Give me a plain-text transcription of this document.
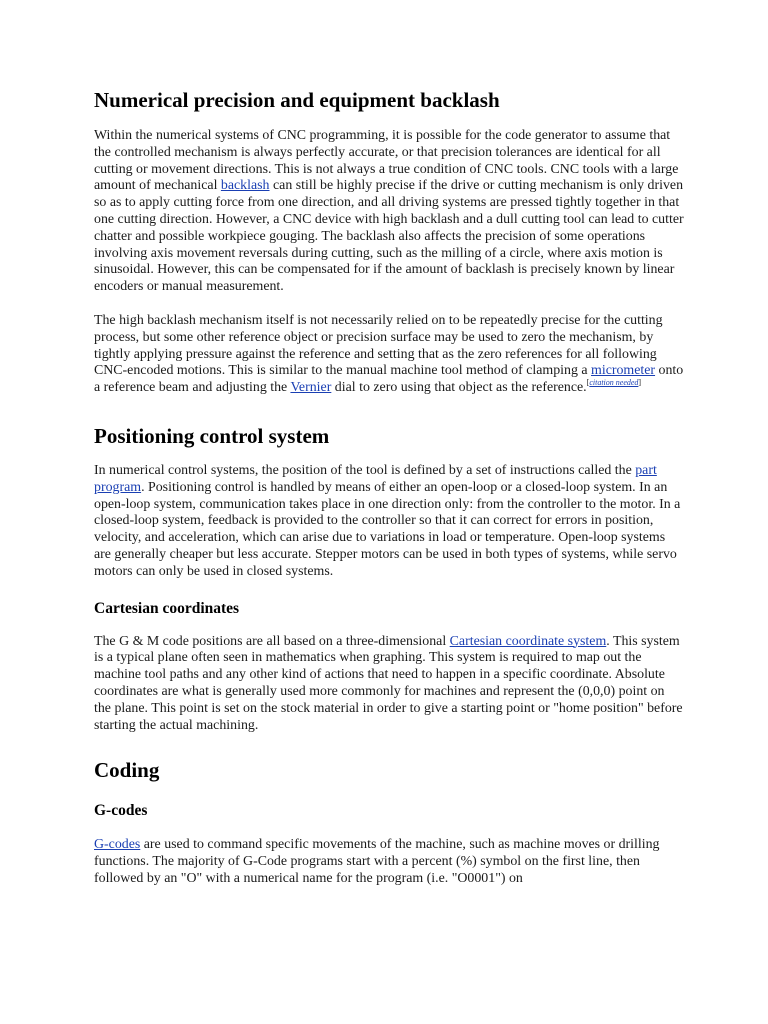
Numerical precision and equipment backlash

Within the numerical systems of CNC programming, it is possible for the code generator to assume that the controlled mechanism is always perfectly accurate, or that precision tolerances are identical for all cutting or movement directions. This is not always a true condition of CNC tools. CNC tools with a large amount of mechanical backlash can still be highly precise if the drive or cutting mechanism is only driven so as to apply cutting force from one direction, and all driving systems are pressed tightly together in that one cutting direction. However, a CNC device with high backlash and a dull cutting tool can lead to cutter chatter and possible workpiece gouging. The backlash also affects the precision of some operations involving axis movement reversals during cutting, such as the milling of a circle, where axis motion is sinusoidal. However, this can be compensated for if the amount of backlash is precisely known by linear encoders or manual measurement.

The high backlash mechanism itself is not necessarily relied on to be repeatedly precise for the cutting process, but some other reference object or precision surface may be used to zero the mechanism, by tightly applying pressure against the reference and setting that as the zero references for all following CNC-encoded motions. This is similar to the manual machine tool method of clamping a micrometer onto a reference beam and adjusting the Vernier dial to zero using that object as the reference.[citation needed]

Positioning control system

In numerical control systems, the position of the tool is defined by a set of instructions called the part program. Positioning control is handled by means of either an open-loop or a closed-loop system. In an open-loop system, communication takes place in one direction only: from the controller to the motor. In a closed-loop system, feedback is provided to the controller so that it can correct for errors in position, velocity, and acceleration, which can arise due to variations in load or temperature. Open-loop systems are generally cheaper but less accurate. Stepper motors can be used in both types of systems, while servo motors can only be used in closed systems.

Cartesian coordinates

The G & M code positions are all based on a three-dimensional Cartesian coordinate system. This system is a typical plane often seen in mathematics when graphing. This system is required to map out the machine tool paths and any other kind of actions that need to happen in a specific coordinate. Absolute coordinates are what is generally used more commonly for machines and represent the (0,0,0) point on the plane. This point is set on the stock material in order to give a starting point or "home position" before starting the actual machining.

Coding
G-codes

G-codes are used to command specific movements of the machine, such as machine moves or drilling functions. The majority of G-Code programs start with a percent (%) symbol on the first line, then followed by an "O" with a numerical name for the program (i.e. "O0001") on
